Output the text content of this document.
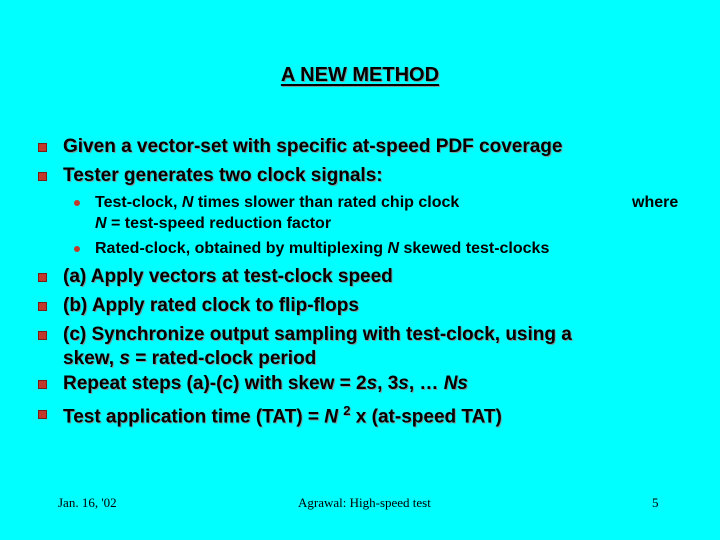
A NEW METHOD
Given a vector-set with specific at-speed PDF coverage
Tester generates two clock signals:
Test-clock, N times slower than rated chip clock	where
N = test-speed reduction factor
Rated-clock, obtained by multiplexing N skewed test-clocks
(a) Apply vectors at test-clock speed
(b) Apply rated clock to flip-flops
(c) Synchronize output sampling with test-clock, using a
skew, s = rated-clock period
Repeat steps (a)-(c) with skew = 2s, 3s, … Ns
Test application time (TAT) = N $^2$ x (at-speed TAT)
Jan. 16, '02	Agrawal: High-speed test	5
